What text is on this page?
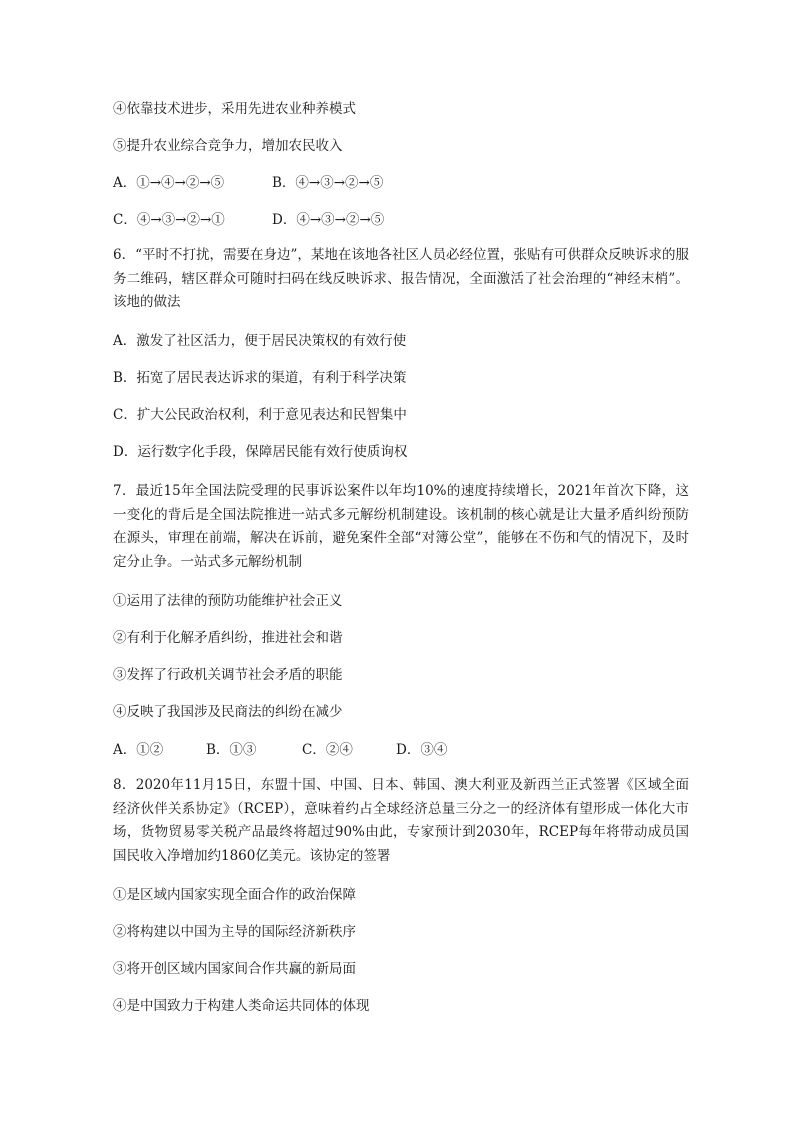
④依靠技术进步，采用先进农业种养模式
⑤提升农业综合竞争力，增加农民收入
A．①→④→②→⑤	B．④→③→②→⑤
C．④→③→②→①	D．④→③→②→⑤
6．“平时不打扰，需要在身边”，某地在该地各社区人员必经位置，张贴有可供群众反映诉求的服务二维码，辖区群众可随时扫码在线反映诉求、报告情况，全面激活了社会治理的“神经末梢”。该地的做法
A．激发了社区活力，便于居民决策权的有效行使
B．拓宽了居民表达诉求的渠道，有利于科学决策
C．扩大公民政治权利，利于意见表达和民智集中
D．运行数字化手段，保障居民能有效行使质询权
7．最近15年全国法院受理的民事诉讼案件以年均10%的速度持续增长，2021年首次下降，这一变化的背后是全国法院推进一站式多元解纷机制建设。该机制的核心就是让大量矛盾纠纷预防在源头，审理在前端，解决在诉前，避免案件全部“对簿公堂”，能够在不伤和气的情况下，及时定分止争。一站式多元解纷机制
①运用了法律的预防功能维护社会正义
②有利于化解矛盾纠纷，推进社会和谐
③发挥了行政机关调节社会矛盾的职能
④反映了我国涉及民商法的纠纷在减少
A．①②	B．①③	C．②④	D．③④
8．2020年11月15日，东盟十国、中国、日本、韩国、澳大利亚及新西兰正式签署《区域全面经济伙伴关系协定》（RCEP），意味着约占全球经济总量三分之一的经济体有望形成一体化大市场，货物贸易零关税产品最终将超过90%由此，专家预计到2030年，RCEP每年将带动成员国国民收入净增加约1860亿美元。该协定的签署
①是区域内国家实现全面合作的政治保障
②将构建以中国为主导的国际经济新秩序
③将开创区域内国家间合作共赢的新局面
④是中国致力于构建人类命运共同体的体现
